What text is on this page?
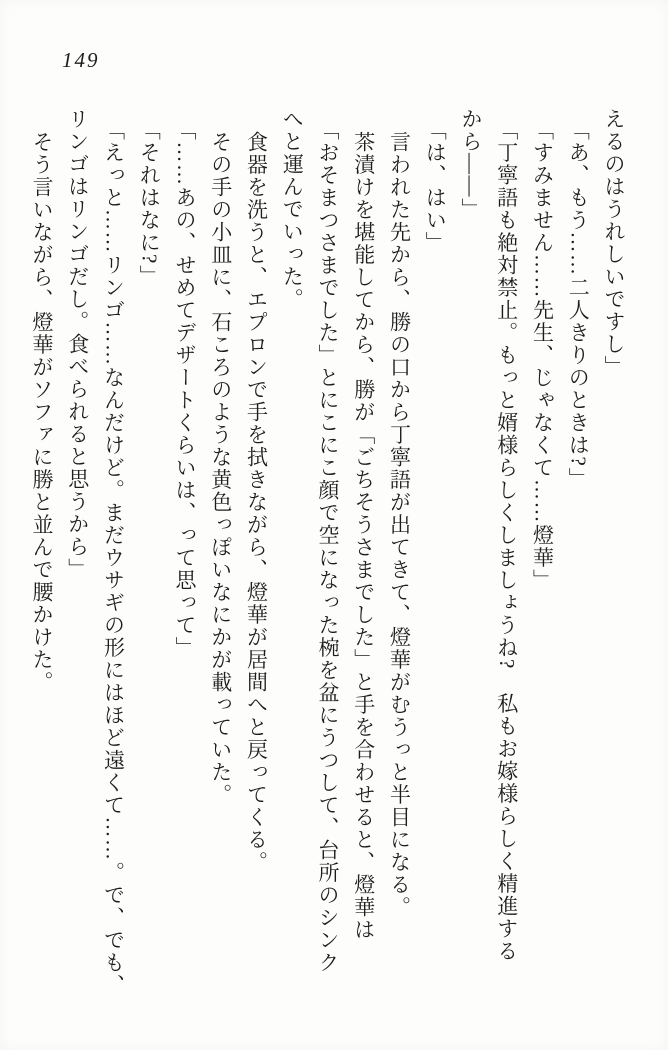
149

えるのはうれしいですし」

「あ、もう……二人きりのときは?」

「すみません……先生、じゃなくて……燈華」

「丁寧語も絶対禁止。もっと婿様らしくしましょうね?　私もお嫁様らしく精進する

から――」

「は、はい」

言われた先から、勝の口から丁寧語が出てきて、燈華がむうっと半目になる。

茶漬けを堪能してから、勝が「ごちそうさまでした」と手を合わせると、燈華は

「おそまつさまでした」とにこにこ顔で空になった椀を盆にうつして、台所のシンク

へと運んでいった。

食器を洗うと、エプロンで手を拭きながら、燈華が居間へと戻ってくる。

その手の小皿に、石ころのような黄色っぽいなにかが載っていた。

「……あの、せめてデザートくらいは、って思って」

「それはなに?」

「えっと……リンゴ……なんだけど。まだウサギの形にはほど遠くて……。で、でも、

リンゴはリンゴだし。食べられると思うから」

そう言いながら、燈華がソファに勝と並んで腰かけた。
